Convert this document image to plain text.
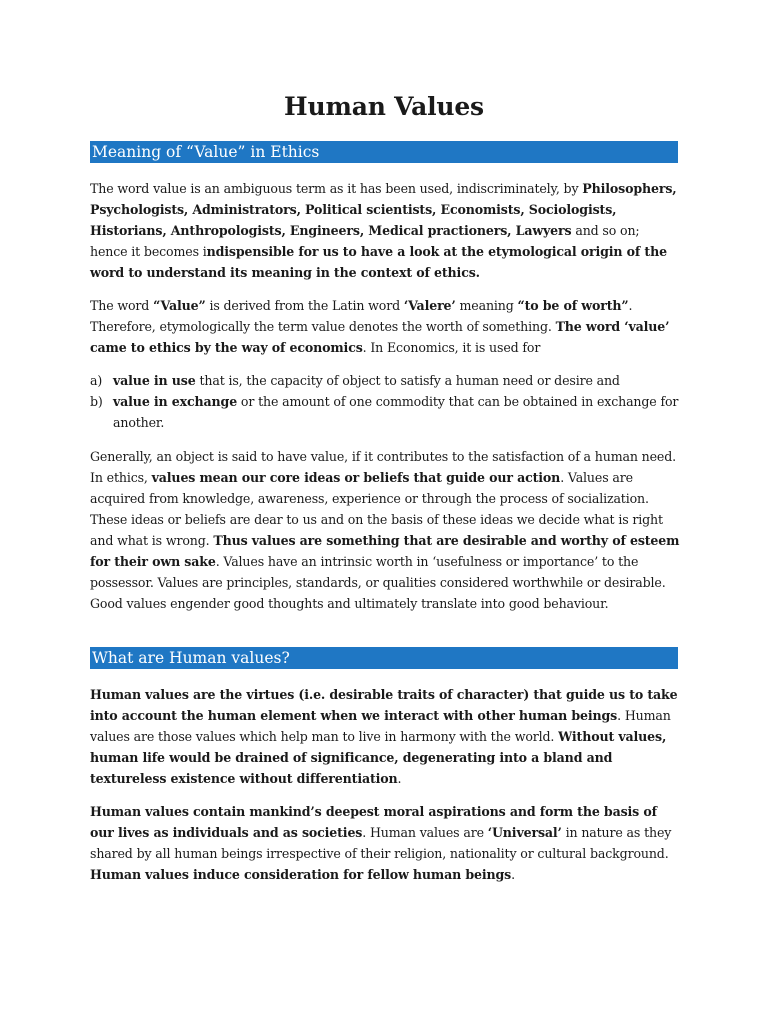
Human Values
Meaning of “Value” in Ethics

The word value is an ambiguous term as it has been used, indiscriminately, by Philosophers, Psychologists, Administrators, Political scientists, Economists, Sociologists, Historians, Anthropologists, Engineers, Medical practioners, Lawyers and so on; hence it becomes indispensible for us to have a look at the etymological origin of the word to understand its meaning in the context of ethics.

The word “Value” is derived from the Latin word ‘Valere’ meaning “to be of worth”. Therefore, etymologically the term value denotes the worth of something. The word ‘value’ came to ethics by the way of economics. In Economics, it is used for

a) value in use that is, the capacity of object to satisfy a human need or desire and
b) value in exchange or the amount of one commodity that can be obtained in exchange for another.

Generally, an object is said to have value, if it contributes to the satisfaction of a human need. In ethics, values mean our core ideas or beliefs that guide our action. Values are acquired from knowledge, awareness, experience or through the process of socialization. These ideas or beliefs are dear to us and on the basis of these ideas we decide what is right and what is wrong. Thus values are something that are desirable and worthy of esteem for their own sake. Values have an intrinsic worth in ‘usefulness or importance’ to the possessor. Values are principles, standards, or qualities considered worthwhile or desirable. Good values engender good thoughts and ultimately translate into good behaviour.

What are Human values?

Human values are the virtues (i.e. desirable traits of character) that guide us to take into account the human element when we interact with other human beings. Human values are those values which help man to live in harmony with the world. Without values, human life would be drained of significance, degenerating into a bland and textureless existence without differentiation.

Human values contain mankind’s deepest moral aspirations and form the basis of our lives as individuals and as societies. Human values are ‘Universal’ in nature as they shared by all human beings irrespective of their religion, nationality or cultural background. Human values induce consideration for fellow human beings.
